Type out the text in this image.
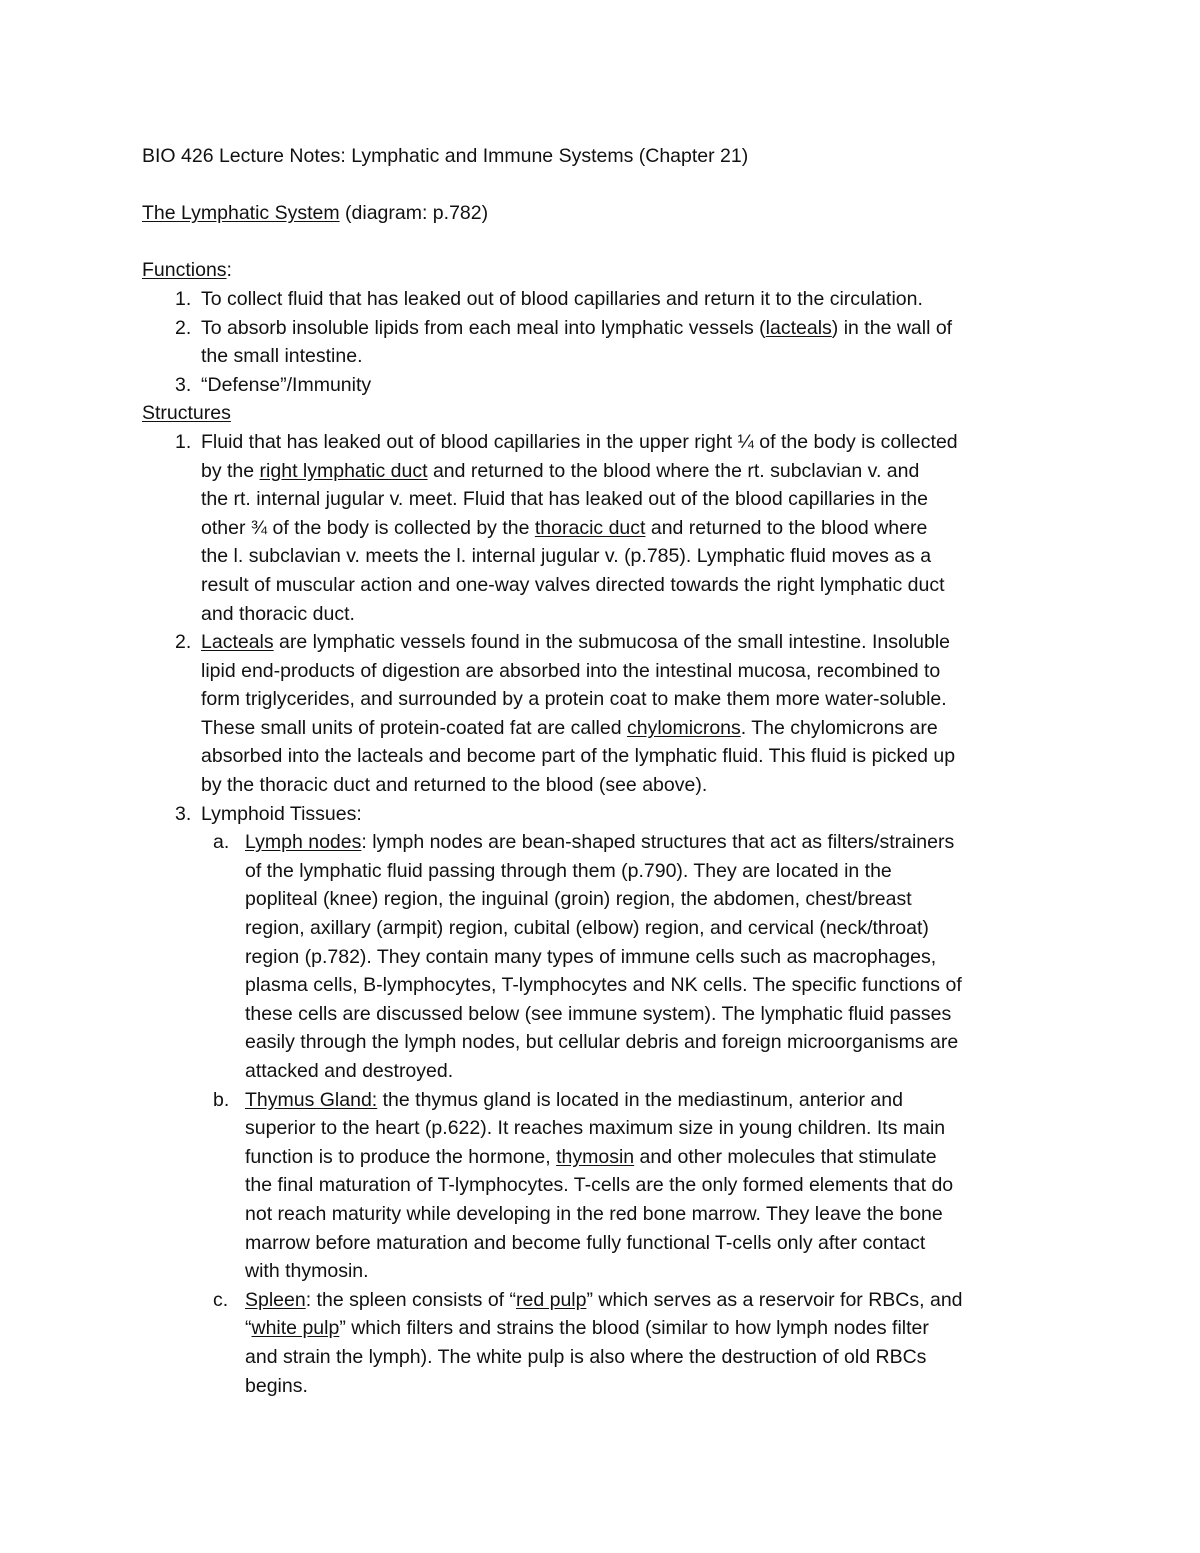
BIO 426 Lecture Notes: Lymphatic and Immune Systems (Chapter 21)

The Lymphatic System (diagram: p.782)

Functions:

1. To collect fluid that has leaked out of blood capillaries and return it to the circulation.

2. To absorb insoluble lipids from each meal into lymphatic vessels (lacteals) in the wall of

the small intestine.

3. “Defense”/Immunity

Structures

1. Fluid that has leaked out of blood capillaries in the upper right ¼ of the body is collected

by the right lymphatic duct and returned to the blood where the rt. subclavian v. and

the rt. internal jugular v. meet. Fluid that has leaked out of the blood capillaries in the

other ¾ of the body is collected by the thoracic duct and returned to the blood where

the l. subclavian v. meets the l. internal jugular v. (p.785). Lymphatic fluid moves as a

result of muscular action and one-way valves directed towards the right lymphatic duct

and thoracic duct.

2. Lacteals are lymphatic vessels found in the submucosa of the small intestine. Insoluble

lipid end-products of digestion are absorbed into the intestinal mucosa, recombined to

form triglycerides, and surrounded by a protein coat to make them more water-soluble.

These small units of protein-coated fat are called chylomicrons. The chylomicrons are

absorbed into the lacteals and become part of the lymphatic fluid. This fluid is picked up

by the thoracic duct and returned to the blood (see above).

3. Lymphoid Tissues:

a. Lymph nodes: lymph nodes are bean-shaped structures that act as filters/strainers

of the lymphatic fluid passing through them (p.790). They are located in the

popliteal (knee) region, the inguinal (groin) region, the abdomen, chest/breast

region, axillary (armpit) region, cubital (elbow) region, and cervical (neck/throat)

region (p.782). They contain many types of immune cells such as macrophages,

plasma cells, B-lymphocytes, T-lymphocytes and NK cells. The specific functions of

these cells are discussed below (see immune system). The lymphatic fluid passes

easily through the lymph nodes, but cellular debris and foreign microorganisms are

attacked and destroyed.

b. Thymus Gland: the thymus gland is located in the mediastinum, anterior and

superior to the heart (p.622). It reaches maximum size in young children. Its main

function is to produce the hormone, thymosin and other molecules that stimulate

the final maturation of T-lymphocytes. T-cells are the only formed elements that do

not reach maturity while developing in the red bone marrow. They leave the bone

marrow before maturation and become fully functional T-cells only after contact

with thymosin.

c. Spleen: the spleen consists of “red pulp” which serves as a reservoir for RBCs, and

“white pulp” which filters and strains the blood (similar to how lymph nodes filter

and strain the lymph). The white pulp is also where the destruction of old RBCs

begins.
